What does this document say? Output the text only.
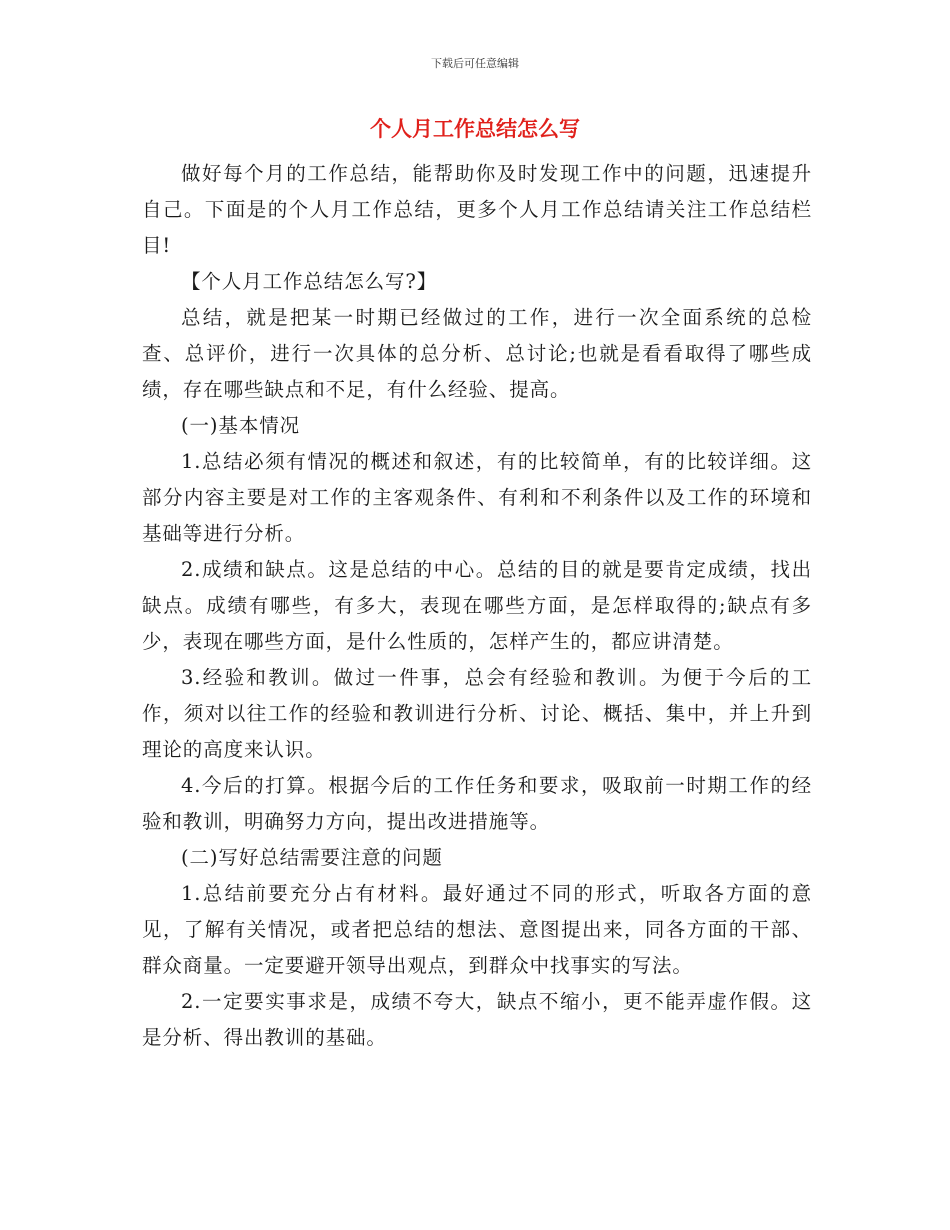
下载后可任意编辑
个人月工作总结怎么写

做好每个月的工作总结，能帮助你及时发现工作中的问题，迅速提升自己。下面是的个人月工作总结，更多个人月工作总结请关注工作总结栏目!

【个人月工作总结怎么写?】

总结，就是把某一时期已经做过的工作，进行一次全面系统的总检查、总评价，进行一次具体的总分析、总讨论;也就是看看取得了哪些成绩，存在哪些缺点和不足，有什么经验、提高。

(一)基本情况

1.总结必须有情况的概述和叙述，有的比较简单，有的比较详细。这部分内容主要是对工作的主客观条件、有利和不利条件以及工作的环境和基础等进行分析。

2.成绩和缺点。这是总结的中心。总结的目的就是要肯定成绩，找出缺点。成绩有哪些，有多大，表现在哪些方面，是怎样取得的;缺点有多少，表现在哪些方面，是什么性质的，怎样产生的，都应讲清楚。

3.经验和教训。做过一件事，总会有经验和教训。为便于今后的工作，须对以往工作的经验和教训进行分析、讨论、概括、集中，并上升到理论的高度来认识。

4.今后的打算。根据今后的工作任务和要求，吸取前一时期工作的经验和教训，明确努力方向，提出改进措施等。

(二)写好总结需要注意的问题

1.总结前要充分占有材料。最好通过不同的形式，听取各方面的意见，了解有关情况，或者把总结的想法、意图提出来，同各方面的干部、群众商量。一定要避开领导出观点，到群众中找事实的写法。

2.一定要实事求是，成绩不夸大，缺点不缩小，更不能弄虚作假。这是分析、得出教训的基础。
